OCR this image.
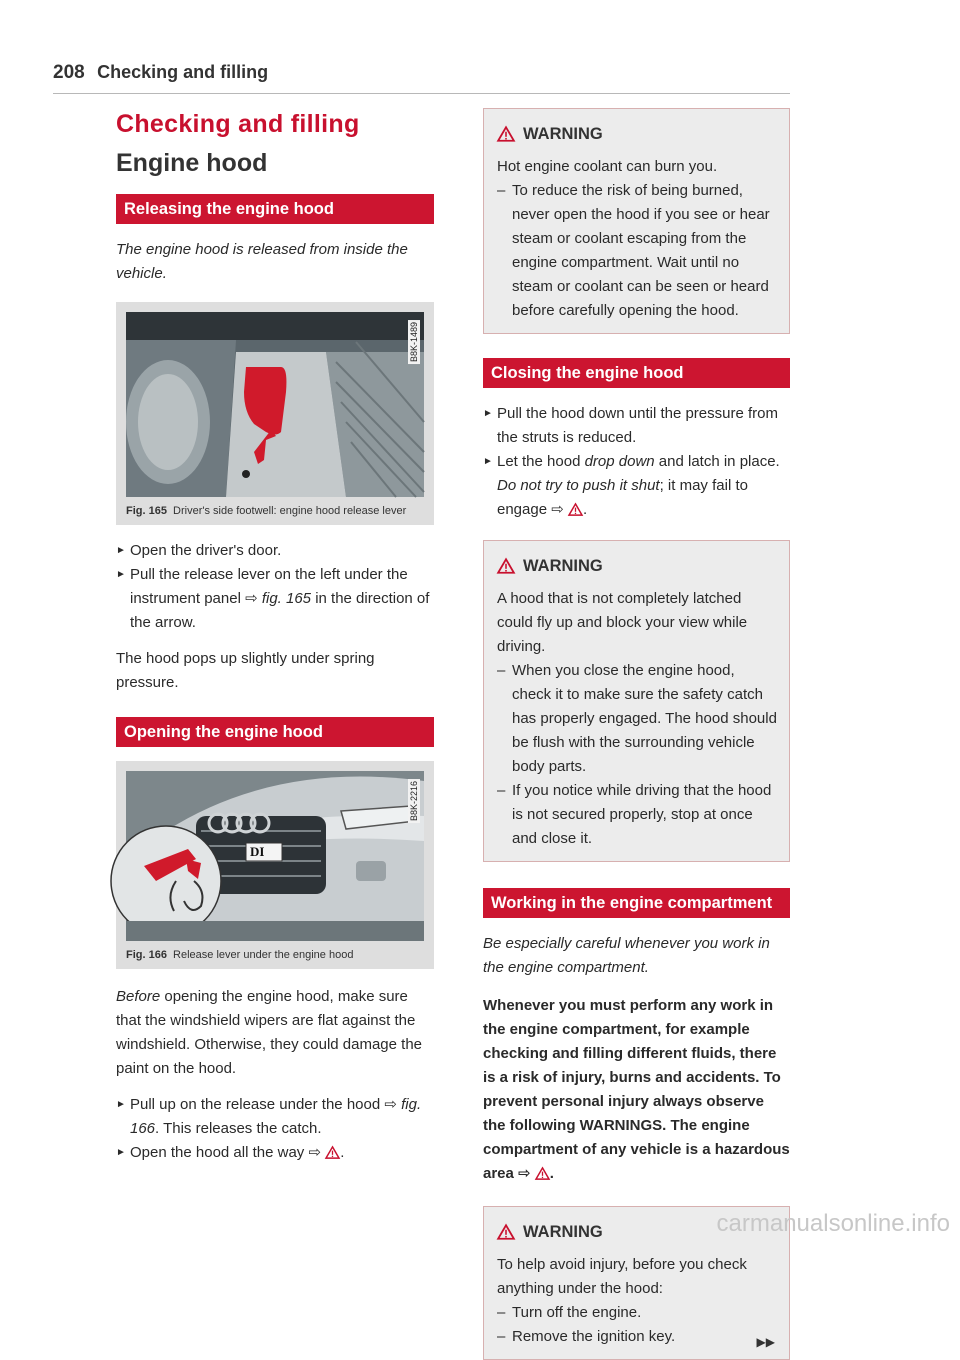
208 Checking and filling
Checking and filling
Engine hood
Releasing the engine hood

The engine hood is released from inside the vehicle.

B8K-1489
Fig. 165 Driver's side footwell: engine hood release lever
► Open the driver's door.
► Pull the release lever on the left under the instrument panel ⇨ fig. 165 in the direction of the arrow.

The hood pops up slightly under spring pressure.

Opening the engine hood
DI
B8K-2216
Fig. 166 Release lever under the engine hood

Before opening the engine hood, make sure that the windshield wipers are flat against the windshield. Otherwise, they could damage the paint on the hood.

► Pull up on the release under the hood ⇨ fig. 166. This releases the catch.
► Open the hood all the way ⇨ .
WARNING

Hot engine coolant can burn you.

– To reduce the risk of being burned, never open the hood if you see or hear steam or coolant escaping from the engine compartment. Wait until no steam or coolant can be seen or heard before carefully opening the hood.
Closing the engine hood
► Pull the hood down until the pressure from the struts is reduced.
► Let the hood drop down and latch in place. Do not try to push it shut; it may fail to engage ⇨ .
WARNING

A hood that is not completely latched could fly up and block your view while driving.

– When you close the engine hood, check it to make sure the safety catch has properly engaged. The hood should be flush with the surrounding vehicle body parts.
– If you notice while driving that the hood is not secured properly, stop at once and close it.
Working in the engine compartment

Be especially careful whenever you work in the engine compartment.

Whenever you must perform any work in the engine compartment, for example checking and filling different fluids, there is a risk of injury, burns and accidents. To prevent personal injury always observe the following WARNINGS. The engine compartment of any vehicle is a hazardous area ⇨ .

WARNING

To help avoid injury, before you check anything under the hood:

– Turn off the engine.
– Remove the ignition key.	▶▶
carmanualsonline.info
